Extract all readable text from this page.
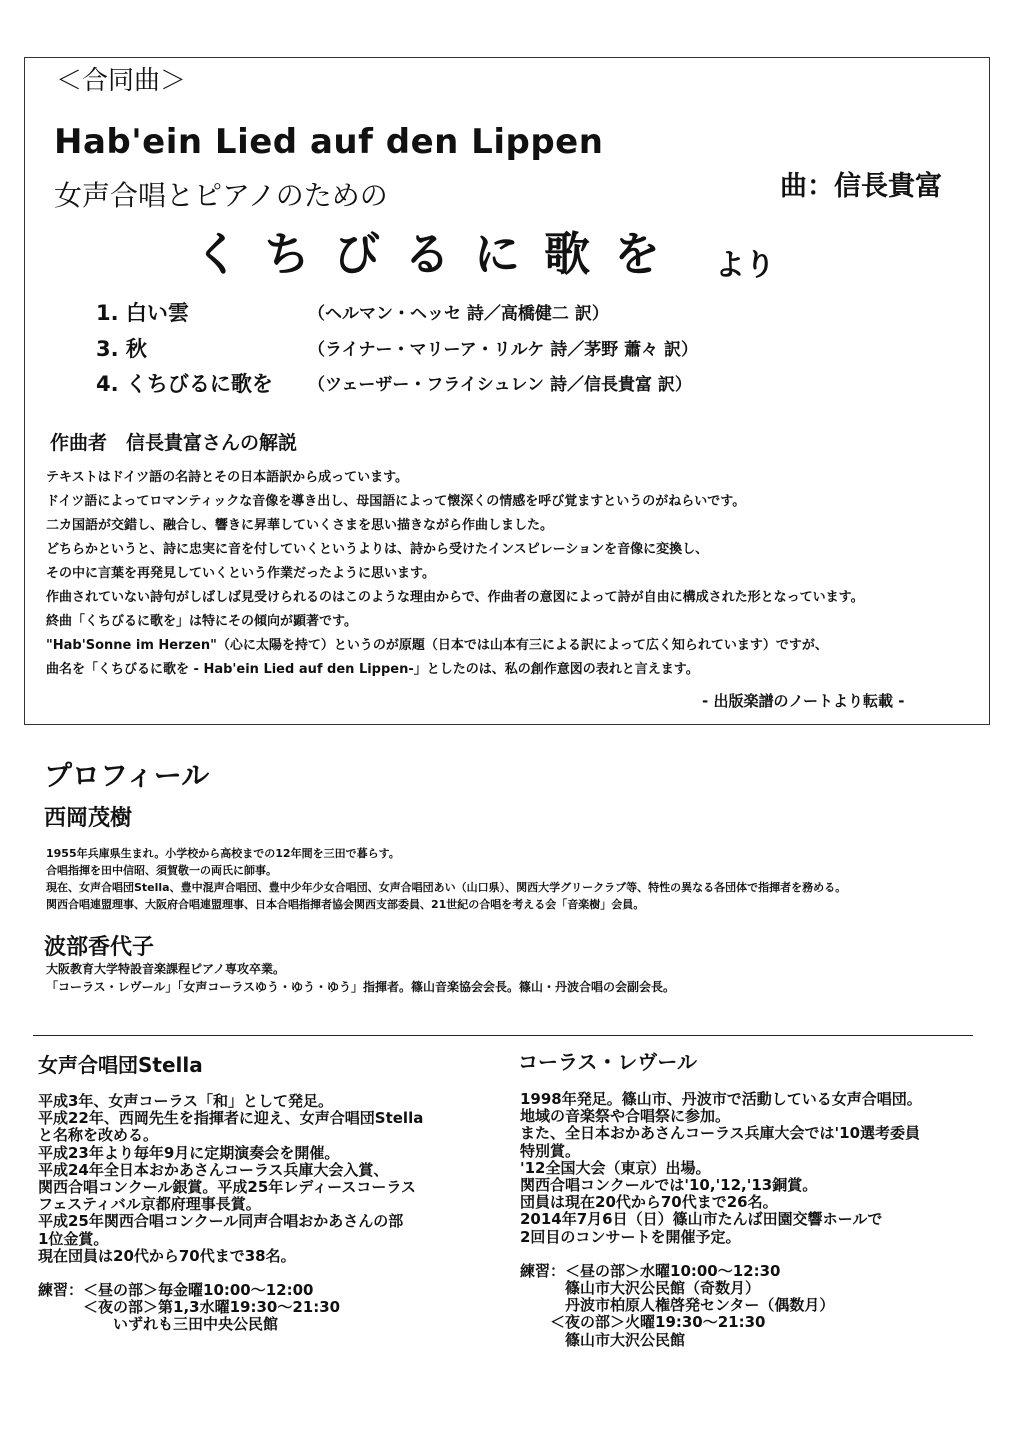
＜合同曲＞
Hab'ein Lied auf den Lippen
女声合唱とピアノのための	曲：信長貴富
くちびるに歌を より
1. 白い雲	（ヘルマン・ヘッセ 詩／高橋健二 訳）
3. 秋	（ライナー・マリーア・リルケ 詩／茅野 蕭々 訳）
4. くちびるに歌を （ツェーザー・フライシュレン 詩／信長貴富 訳）
作曲者　信長貴富さんの解説
テキストはドイツ語の名詩とその日本語訳から成っています。
ドイツ語によってロマンティックな音像を導き出し、母国語によって懐深くの情感を呼び覚ますというのがねらいです。
二カ国語が交錯し、融合し、響きに昇華していくさまを思い描きながら作曲しました。
どちらかというと、詩に忠実に音を付していくというよりは、詩から受けたインスピレーションを音像に変換し、
その中に言葉を再発見していくという作業だったように思います。
作曲されていない詩句がしばしば見受けられるのはこのような理由からで、作曲者の意図によって詩が自由に構成された形となっています。
終曲「くちびるに歌を」は特にその傾向が顕著です。
"Hab'Sonne im Herzen"（心に太陽を持て）というのが原題（日本では山本有三による訳によって広く知られています）ですが、
曲名を「くちびるに歌を - Hab'ein Lied auf den Lippen-」としたのは、私の創作意図の表れと言えます。
- 出版楽譜のノートより転載 -
プロフィール
西岡茂樹
1955年兵庫県生まれ。小学校から高校までの12年間を三田で暮らす。
合唱指揮を田中信昭、須賀敬一の両氏に師事。
現在、女声合唱団Stella、豊中混声合唱団、豊中少年少女合唱団、女声合唱団あい（山口県）、関西大学グリークラブ等、特性の異なる各団体で指揮者を務める。
関西合唱連盟理事、大阪府合唱連盟理事、日本合唱指揮者協会関西支部委員、21世紀の合唱を考える会「音楽樹」会員。
波部香代子
大阪教育大学特設音楽課程ピアノ専攻卒業。
「コーラス・レヴール」「女声コーラスゆう・ゆう・ゆう」指揮者。篠山音楽協会会長。篠山・丹波合唱の会副会長。
女声合唱団Stella
平成3年、女声コーラス「和」として発足。
平成22年、西岡先生を指揮者に迎え、女声合唱団Stella
と名称を改める。
平成23年より毎年9月に定期演奏会を開催。
平成24年全日本おかあさんコーラス兵庫大会入賞、
関西合唱コンクール銀賞。平成25年レディースコーラス
フェスティバル京都府理事長賞。
平成25年関西合唱コンクール同声合唱おかあさんの部
1位金賞。
現在団員は20代から70代まで38名。
練習：＜昼の部＞毎金曜10:00～12:00
　　　＜夜の部＞第1,3水曜19:30～21:30
　　　　　いずれも三田中央公民館
コーラス・レヴール
1998年発足。篠山市、丹波市で活動している女声合唱団。
地域の音楽祭や合唱祭に参加。
また、全日本おかあさんコーラス兵庫大会では'10選考委員
特別賞。
'12全国大会（東京）出場。
関西合唱コンクールでは'10,'12,'13銅賞。
団員は現在20代から70代まで26名。
2014年7月6日（日）篠山市たんば田園交響ホールで
2回目のコンサートを開催予定。
練習：＜昼の部＞水曜10:00～12:30
　　　篠山市大沢公民館（奇数月）
　　　丹波市柏原人権啓発センター（偶数月）
　　＜夜の部＞火曜19:30～21:30
　　　篠山市大沢公民館
